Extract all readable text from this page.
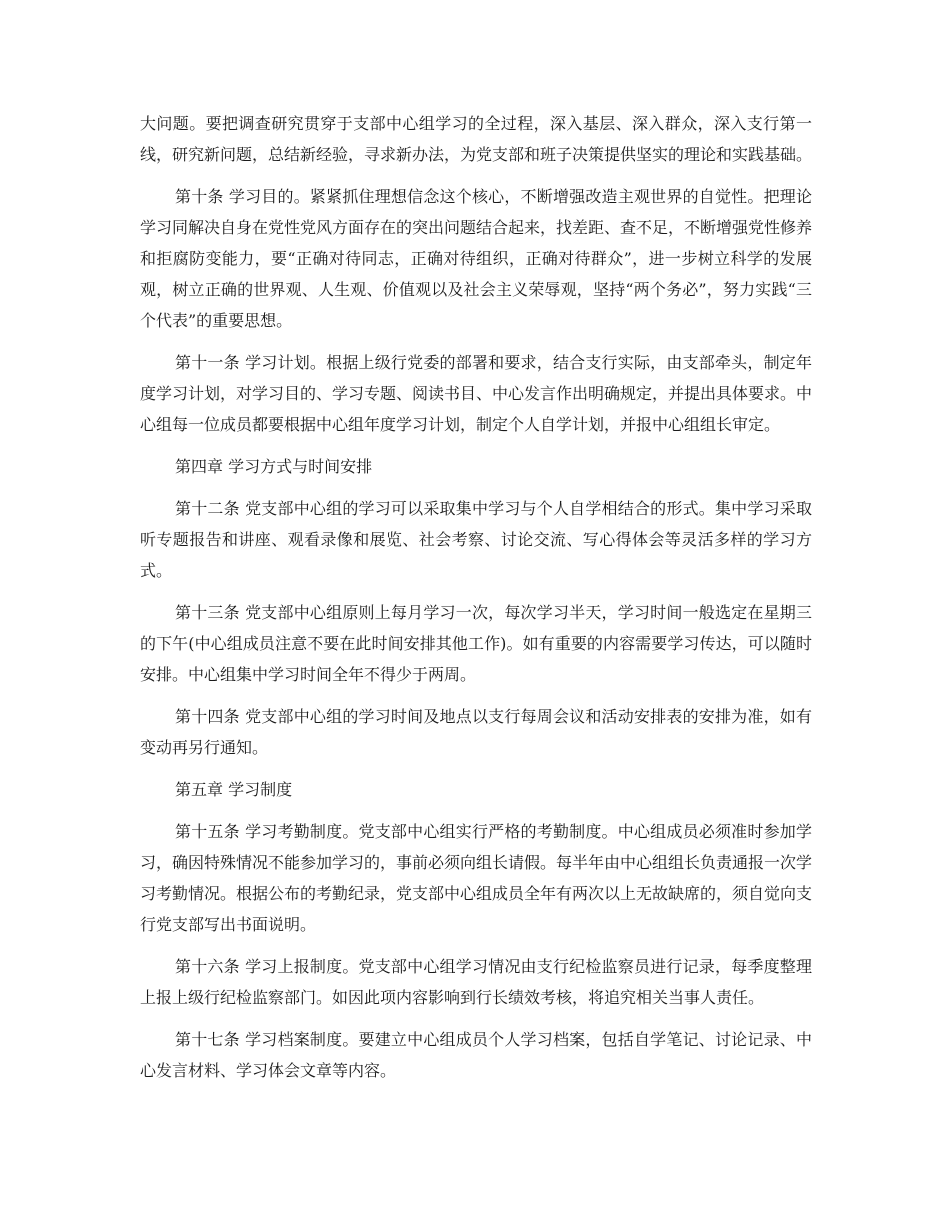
大问题。要把调查研究贯穿于支部中心组学习的全过程，深入基层、深入群众，深入支行第一线，研究新问题，总结新经验，寻求新办法，为党支部和班子决策提供坚实的理论和实践基础。

第十条 学习目的。紧紧抓住理想信念这个核心，不断增强改造主观世界的自觉性。把理论学习同解决自身在党性党风方面存在的突出问题结合起来，找差距、查不足，不断增强党性修养和拒腐防变能力，要“正确对待同志，正确对待组织，正确对待群众”，进一步树立科学的发展观，树立正确的世界观、人生观、价值观以及社会主义荣辱观，坚持“两个务必”，努力实践“三个代表”的重要思想。

第十一条 学习计划。根据上级行党委的部署和要求，结合支行实际，由支部牵头，制定年度学习计划，对学习目的、学习专题、阅读书目、中心发言作出明确规定，并提出具体要求。中心组每一位成员都要根据中心组年度学习计划，制定个人自学计划，并报中心组组长审定。

第四章 学习方式与时间安排

第十二条 党支部中心组的学习可以采取集中学习与个人自学相结合的形式。集中学习采取听专题报告和讲座、观看录像和展览、社会考察、讨论交流、写心得体会等灵活多样的学习方式。

第十三条 党支部中心组原则上每月学习一次，每次学习半天，学习时间一般选定在星期三的下午(中心组成员注意不要在此时间安排其他工作)。如有重要的内容需要学习传达，可以随时安排。中心组集中学习时间全年不得少于两周。

第十四条 党支部中心组的学习时间及地点以支行每周会议和活动安排表的安排为准，如有变动再另行通知。

第五章 学习制度

第十五条 学习考勤制度。党支部中心组实行严格的考勤制度。中心组成员必须准时参加学习，确因特殊情况不能参加学习的，事前必须向组长请假。每半年由中心组组长负责通报一次学习考勤情况。根据公布的考勤纪录，党支部中心组成员全年有两次以上无故缺席的，须自觉向支行党支部写出书面说明。

第十六条 学习上报制度。党支部中心组学习情况由支行纪检监察员进行记录，每季度整理上报上级行纪检监察部门。如因此项内容影响到行长绩效考核，将追究相关当事人责任。

第十七条 学习档案制度。要建立中心组成员个人学习档案，包括自学笔记、讨论记录、中心发言材料、学习体会文章等内容。
